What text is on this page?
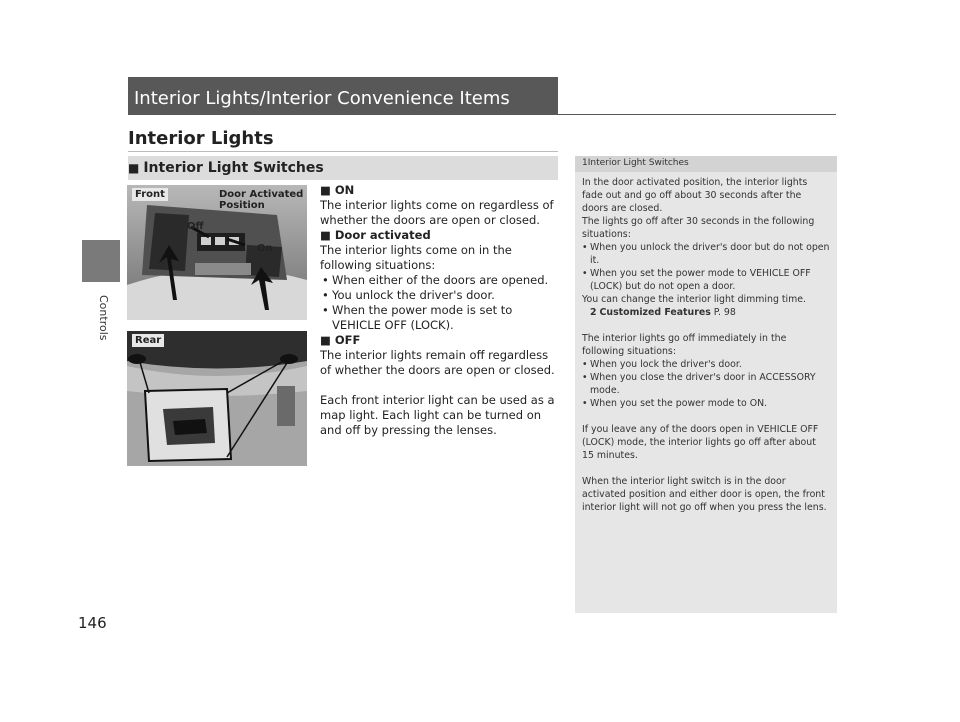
Controls
146
Interior Lights/Interior Convenience Items
Interior Lights
■ Interior Light Switches
Front	Door Activated Position
Off
On
Rear

■ ON

The interior lights come on regardless of whether the doors are open or closed.

■ Door activated

The interior lights come on in the following situations:

• When either of the doors are opened.
• You unlock the driver's door.
• When the power mode is set to VEHICLE OFF (LOCK).

■ OFF

The interior lights remain off regardless of whether the doors are open or closed.

Each front interior light can be used as a map light. Each light can be turned on and off by pressing the lenses.

1Interior Light Switches

In the door activated position, the interior lights fade out and go off about 30 seconds after the doors are closed.

The lights go off after 30 seconds in the following situations:

• When you unlock the driver's door but do not open it.
• When you set the power mode to VEHICLE OFF (LOCK) but do not open a door.

You can change the interior light dimming time.

2 Customized Features P. 98

The interior lights go off immediately in the following situations:

• When you lock the driver's door.
• When you close the driver's door in ACCESSORY mode.
• When you set the power mode to ON.

If you leave any of the doors open in VEHICLE OFF (LOCK) mode, the interior lights go off after about 15 minutes.

When the interior light switch is in the door activated position and either door is open, the front interior light will not go off when you press the lens.
